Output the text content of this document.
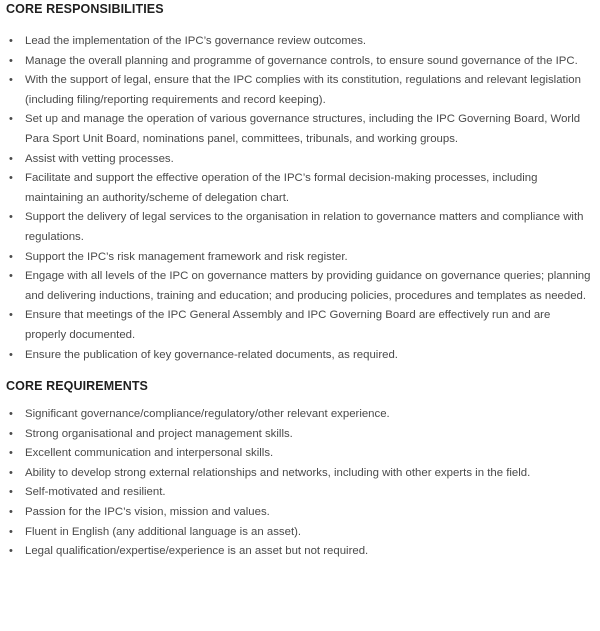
CORE RESPONSIBILITIES
• Lead the implementation of the IPC’s governance review outcomes.
• Manage the overall planning and programme of governance controls, to ensure sound governance of the IPC.
• With the support of legal, ensure that the IPC complies with its constitution, regulations and relevant legislation (including filing/reporting requirements and record keeping).
• Set up and manage the operation of various governance structures, including the IPC Governing Board, World Para Sport Unit Board, nominations panel, committees, tribunals, and working groups.
• Assist with vetting processes.
• Facilitate and support the effective operation of the IPC’s formal decision-making processes, including maintaining an authority/scheme of delegation chart.
• Support the delivery of legal services to the organisation in relation to governance matters and compliance with regulations.
• Support the IPC’s risk management framework and risk register.
• Engage with all levels of the IPC on governance matters by providing guidance on governance queries; planning and delivering inductions, training and education; and producing policies, procedures and templates as needed.
• Ensure that meetings of the IPC General Assembly and IPC Governing Board are effectively run and are properly documented.
• Ensure the publication of key governance-related documents, as required.
CORE REQUIREMENTS
• Significant governance/compliance/regulatory/other relevant experience.
• Strong organisational and project management skills.
• Excellent communication and interpersonal skills.
• Ability to develop strong external relationships and networks, including with other experts in the field.
• Self-motivated and resilient.
• Passion for the IPC’s vision, mission and values.
• Fluent in English (any additional language is an asset).
• Legal qualification/expertise/experience is an asset but not required.
